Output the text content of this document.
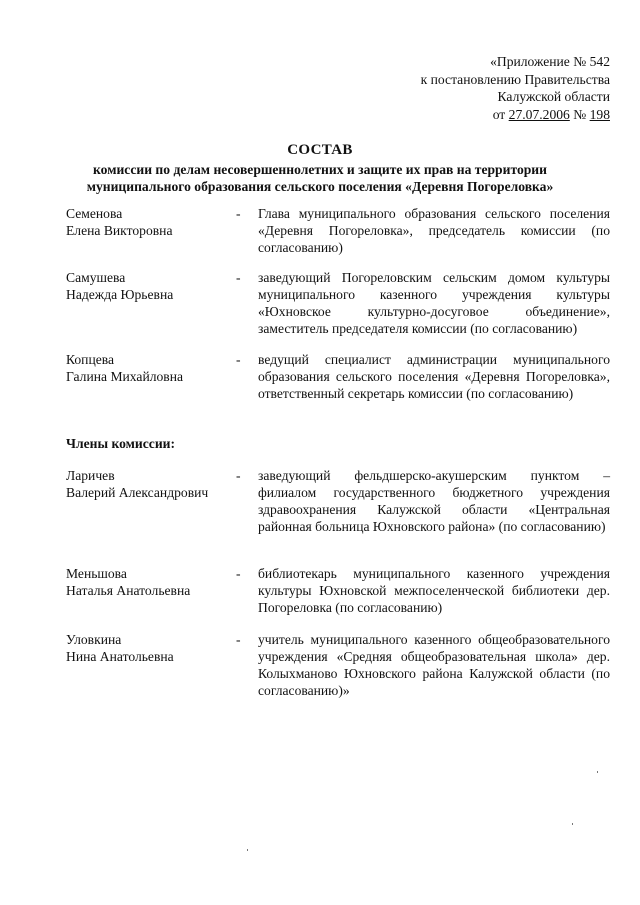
«Приложение № 542
к постановлению Правительства
Калужской области
от 27.07.2006 № 198
СОСТАВ
комиссии по делам несовершеннолетних и защите их прав на территории
муниципального образования сельского поселения «Деревня Погореловка»
Семенова
Елена Викторовна
- Глава муниципального образования сельского поселения «Деревня Погореловка», председатель комиссии (по согласованию)
Самушева
Надежда Юрьевна
- заведующий Погореловским сельским домом культуры муниципального казенного учреждения культуры «Юхновское культурно-досуговое объединение», заместитель председателя комиссии (по согласованию)
Копцева
Галина Михайловна
- ведущий специалист администрации муниципального образования сельского поселения «Деревня Погореловка», ответственный секретарь комиссии (по согласованию)
Члены комиссии:
Ларичев
Валерий Александрович
- заведующий фельдшерско-акушерским пунктом – филиалом государственного бюджетного учреждения здравоохранения Калужской области «Центральная районная больница Юхновского района» (по согласованию)
Меньшова
Наталья Анатольевна
- библиотекарь муниципального казенного учреждения культуры Юхновской межпоселенческой библиотеки дер. Погореловка (по согласованию)
Уловкина
Нина Анатольевна
- учитель муниципального казенного общеобразовательного учреждения «Средняя общеобразовательная школа» дер. Колыхманово Юхновского района Калужской области (по согласованию)»
